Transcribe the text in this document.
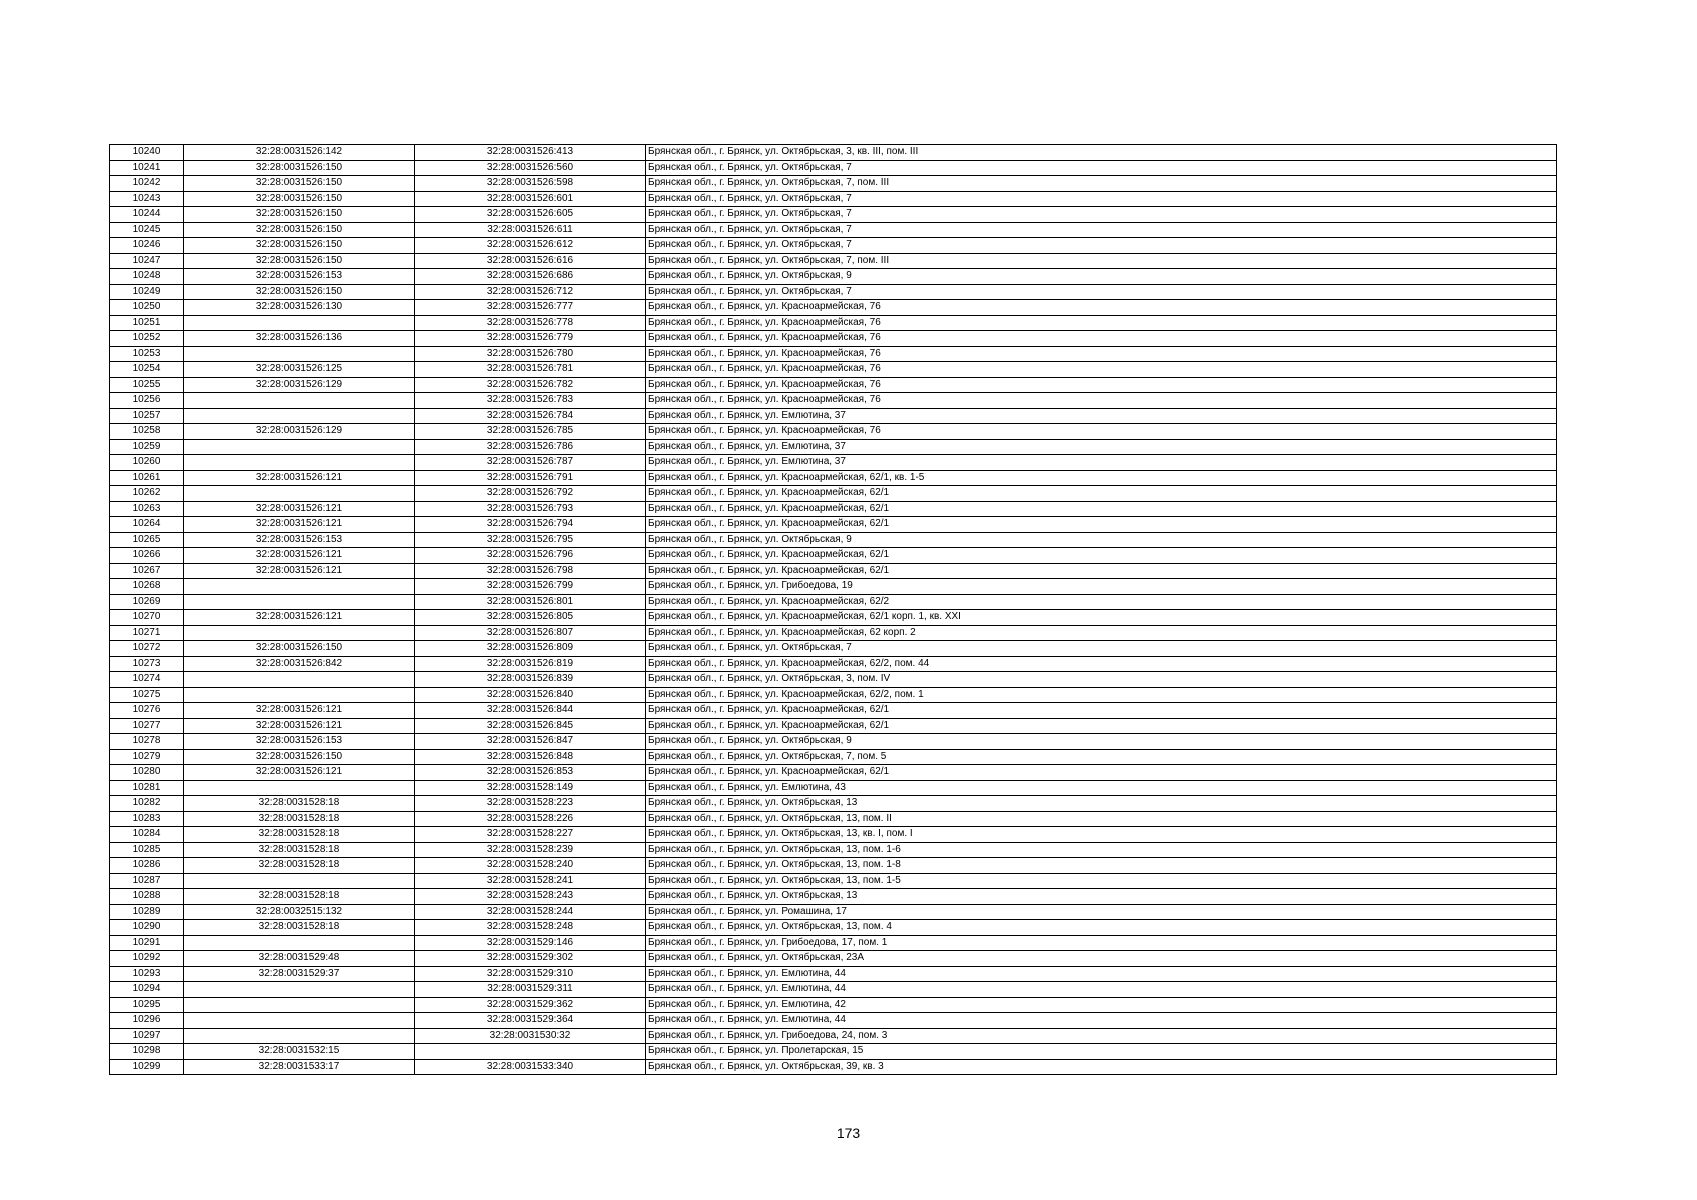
10240	32:28:0031526:142	32:28:0031526:413	Брянская обл., г. Брянск, ул. Октябрьская, 3, кв. III, пом. III
10241	32:28:0031526:150	32:28:0031526:560	Брянская обл., г. Брянск, ул. Октябрьская, 7
10242	32:28:0031526:150	32:28:0031526:598	Брянская обл., г. Брянск, ул. Октябрьская, 7, пом. III
10243	32:28:0031526:150	32:28:0031526:601	Брянская обл., г. Брянск, ул. Октябрьская, 7
10244	32:28:0031526:150	32:28:0031526:605	Брянская обл., г. Брянск, ул. Октябрьская, 7
10245	32:28:0031526:150	32:28:0031526:611	Брянская обл., г. Брянск, ул. Октябрьская, 7
10246	32:28:0031526:150	32:28:0031526:612	Брянская обл., г. Брянск, ул. Октябрьская, 7
10247	32:28:0031526:150	32:28:0031526:616	Брянская обл., г. Брянск, ул. Октябрьская, 7, пом. III
10248	32:28:0031526:153	32:28:0031526:686	Брянская обл., г. Брянск, ул. Октябрьская, 9
10249	32:28:0031526:150	32:28:0031526:712	Брянская обл., г. Брянск, ул. Октябрьская, 7
10250	32:28:0031526:130	32:28:0031526:777	Брянская обл., г. Брянск, ул. Красноармейская, 76
10251		32:28:0031526:778	Брянская обл., г. Брянск, ул. Красноармейская, 76
10252	32:28:0031526:136	32:28:0031526:779	Брянская обл., г. Брянск, ул. Красноармейская, 76
10253		32:28:0031526:780	Брянская обл., г. Брянск, ул. Красноармейская, 76
10254	32:28:0031526:125	32:28:0031526:781	Брянская обл., г. Брянск, ул. Красноармейская, 76
10255	32:28:0031526:129	32:28:0031526:782	Брянская обл., г. Брянск, ул. Красноармейская, 76
10256		32:28:0031526:783	Брянская обл., г. Брянск, ул. Красноармейская, 76
10257		32:28:0031526:784	Брянская обл., г. Брянск, ул. Емлютина, 37
10258	32:28:0031526:129	32:28:0031526:785	Брянская обл., г. Брянск, ул. Красноармейская, 76
10259		32:28:0031526:786	Брянская обл., г. Брянск, ул. Емлютина, 37
10260		32:28:0031526:787	Брянская обл., г. Брянск, ул. Емлютина, 37
10261	32:28:0031526:121	32:28:0031526:791	Брянская обл., г. Брянск, ул. Красноармейская, 62/1, кв. 1-5
10262		32:28:0031526:792	Брянская обл., г. Брянск, ул. Красноармейская, 62/1
10263	32:28:0031526:121	32:28:0031526:793	Брянская обл., г. Брянск, ул. Красноармейская, 62/1
10264	32:28:0031526:121	32:28:0031526:794	Брянская обл., г. Брянск, ул. Красноармейская, 62/1
10265	32:28:0031526:153	32:28:0031526:795	Брянская обл., г. Брянск, ул. Октябрьская, 9
10266	32:28:0031526:121	32:28:0031526:796	Брянская обл., г. Брянск, ул. Красноармейская, 62/1
10267	32:28:0031526:121	32:28:0031526:798	Брянская обл., г. Брянск, ул. Красноармейская, 62/1
10268		32:28:0031526:799	Брянская обл., г. Брянск, ул. Грибоедова, 19
10269		32:28:0031526:801	Брянская обл., г. Брянск, ул. Красноармейская, 62/2
10270	32:28:0031526:121	32:28:0031526:805	Брянская обл., г. Брянск, ул. Красноармейская, 62/1 корп. 1, кв. XXI
10271		32:28:0031526:807	Брянская обл., г. Брянск, ул. Красноармейская, 62 корп. 2
10272	32:28:0031526:150	32:28:0031526:809	Брянская обл., г. Брянск, ул. Октябрьская, 7
10273	32:28:0031526:842	32:28:0031526:819	Брянская обл., г. Брянск, ул. Красноармейская, 62/2, пом. 44
10274		32:28:0031526:839	Брянская обл., г. Брянск, ул. Октябрьская, 3, пом. IV
10275		32:28:0031526:840	Брянская обл., г. Брянск, ул. Красноармейская, 62/2, пом. 1
10276	32:28:0031526:121	32:28:0031526:844	Брянская обл., г. Брянск, ул. Красноармейская, 62/1
10277	32:28:0031526:121	32:28:0031526:845	Брянская обл., г. Брянск, ул. Красноармейская, 62/1
10278	32:28:0031526:153	32:28:0031526:847	Брянская обл., г. Брянск, ул. Октябрьская, 9
10279	32:28:0031526:150	32:28:0031526:848	Брянская обл., г. Брянск, ул. Октябрьская, 7, пом. 5
10280	32:28:0031526:121	32:28:0031526:853	Брянская обл., г. Брянск, ул. Красноармейская, 62/1
10281		32:28:0031528:149	Брянская обл., г. Брянск, ул. Емлютина, 43
10282	32:28:0031528:18	32:28:0031528:223	Брянская обл., г. Брянск, ул. Октябрьская, 13
10283	32:28:0031528:18	32:28:0031528:226	Брянская обл., г. Брянск, ул. Октябрьская, 13, пом. II
10284	32:28:0031528:18	32:28:0031528:227	Брянская обл., г. Брянск, ул. Октябрьская, 13, кв. I, пом. I
10285	32:28:0031528:18	32:28:0031528:239	Брянская обл., г. Брянск, ул. Октябрьская, 13, пом. 1-6
10286	32:28:0031528:18	32:28:0031528:240	Брянская обл., г. Брянск, ул. Октябрьская, 13, пом. 1-8
10287		32:28:0031528:241	Брянская обл., г. Брянск, ул. Октябрьская, 13, пом. 1-5
10288	32:28:0031528:18	32:28:0031528:243	Брянская обл., г. Брянск, ул. Октябрьская, 13
10289	32:28:0032515:132	32:28:0031528:244	Брянская обл., г. Брянск, ул. Ромашина, 17
10290	32:28:0031528:18	32:28:0031528:248	Брянская обл., г. Брянск, ул. Октябрьская, 13, пом. 4
10291		32:28:0031529:146	Брянская обл., г. Брянск, ул. Грибоедова, 17, пом. 1
10292	32:28:0031529:48	32:28:0031529:302	Брянская обл., г. Брянск, ул. Октябрьская, 23А
10293	32:28:0031529:37	32:28:0031529:310	Брянская обл., г. Брянск, ул. Емлютина, 44
10294		32:28:0031529:311	Брянская обл., г. Брянск, ул. Емлютина, 44
10295		32:28:0031529:362	Брянская обл., г. Брянск, ул. Емлютина, 42
10296		32:28:0031529:364	Брянская обл., г. Брянск, ул. Емлютина, 44
10297		32:28:0031530:32	Брянская обл., г. Брянск, ул. Грибоедова, 24, пом. 3
10298	32:28:0031532:15		Брянская обл., г. Брянск, ул. Пролетарская, 15
10299	32:28:0031533:17	32:28:0031533:340	Брянская обл., г. Брянск, ул. Октябрьская, 39, кв. 3
173
